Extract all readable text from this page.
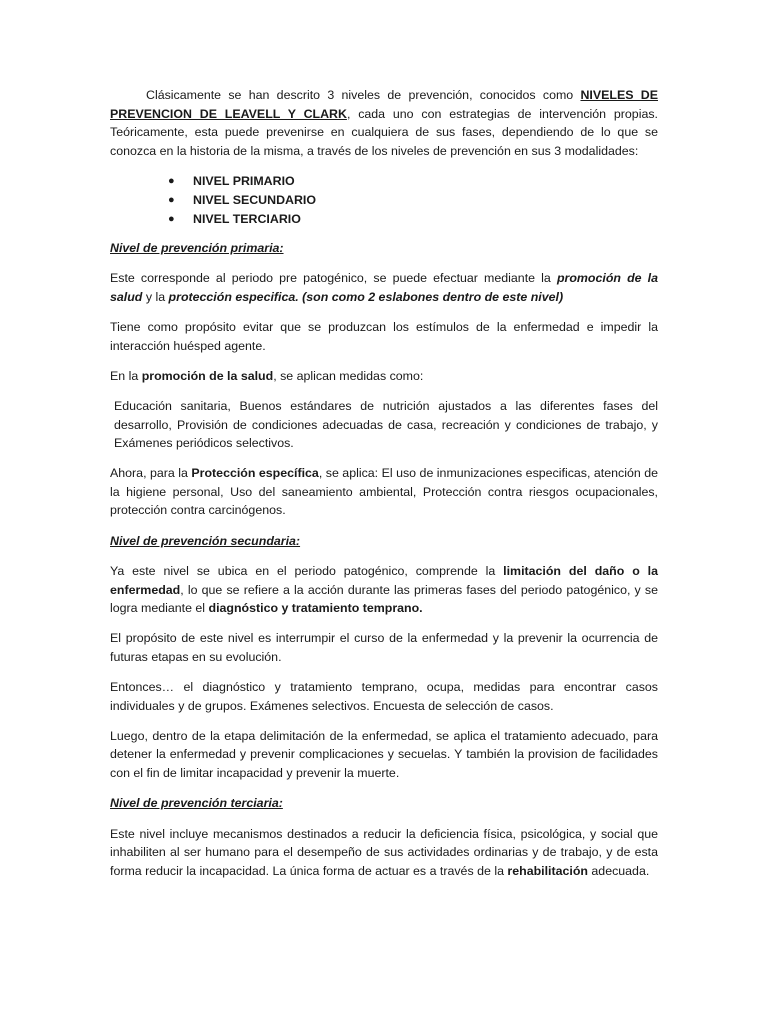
Clásicamente se han descrito 3 niveles de prevención, conocidos como NIVELES DE PREVENCION DE LEAVELL Y CLARK, cada uno con estrategias de intervención propias. Teóricamente, esta puede prevenirse en cualquiera de sus fases, dependiendo de lo que se conozca en la historia de la misma, a través de los niveles de prevención en sus 3 modalidades:

● NIVEL PRIMARIO
● NIVEL SECUNDARIO
● NIVEL TERCIARIO

Nivel de prevención primaria:

Este corresponde al periodo pre patogénico, se puede efectuar mediante la promoción de la salud y la protección especifica. (son como 2 eslabones dentro de este nivel)

Tiene como propósito evitar que se produzcan los estímulos de la enfermedad e impedir la interacción huésped agente.

En la promoción de la salud, se aplican medidas como:

Educación sanitaria, Buenos estándares de nutrición ajustados a las diferentes fases del desarrollo, Provisión de condiciones adecuadas de casa, recreación y condiciones de trabajo, y Exámenes periódicos selectivos.

Ahora, para la Protección específica, se aplica: El uso de inmunizaciones especificas, atención de la higiene personal, Uso del saneamiento ambiental, Protección contra riesgos ocupacionales, protección contra carcinógenos.

Nivel de prevención secundaria:

Ya este nivel se ubica en el periodo patogénico, comprende la limitación del daño o la enfermedad, lo que se refiere a la acción durante las primeras fases del periodo patogénico, y se logra mediante el diagnóstico y tratamiento temprano.

El propósito de este nivel es interrumpir el curso de la enfermedad y la prevenir la ocurrencia de futuras etapas en su evolución.

Entonces… el diagnóstico y tratamiento temprano, ocupa, medidas para encontrar casos individuales y de grupos. Exámenes selectivos. Encuesta de selección de casos.

Luego, dentro de la etapa delimitación de la enfermedad, se aplica el tratamiento adecuado, para detener la enfermedad y prevenir complicaciones y secuelas. Y también la provision de facilidades con el fin de limitar incapacidad y prevenir la muerte.

Nivel de prevención terciaria:

Este nivel incluye mecanismos destinados a reducir la deficiencia física, psicológica, y social que inhabiliten al ser humano para el desempeño de sus actividades ordinarias y de trabajo, y de esta forma reducir la incapacidad. La única forma de actuar es a través de la rehabilitación adecuada.
